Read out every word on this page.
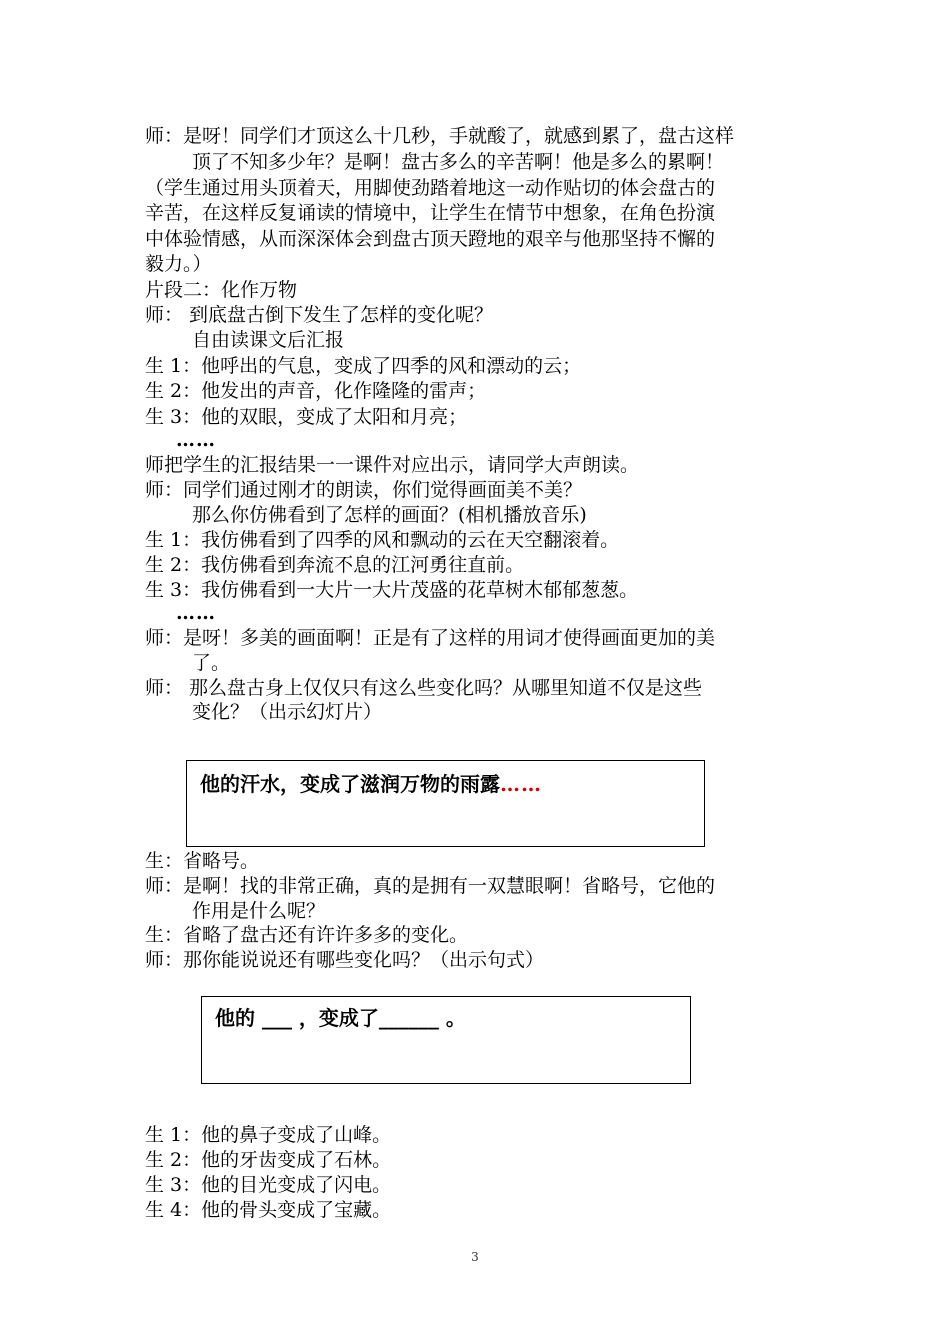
师：是呀！同学们才顶这么十几秒，手就酸了，就感到累了，盘古这样
顶了不知多少年？是啊！盘古多么的辛苦啊！他是多么的累啊！
（学生通过用头顶着天，用脚使劲踏着地这一动作贴切的体会盘古的
辛苦，在这样反复诵读的情境中，让学生在情节中想象，在角色扮演
中体验情感，从而深深体会到盘古顶天蹬地的艰辛与他那坚持不懈的
毅力。）
片段二：化作万物
师： 到底盘古倒下发生了怎样的变化呢？
自由读课文后汇报
生 1：他呼出的气息，变成了四季的风和漂动的云；
生 2：他发出的声音，化作隆隆的雷声；
生 3：他的双眼，变成了太阳和月亮；
……
师把学生的汇报结果一一课件对应出示，请同学大声朗读。
师：同学们通过刚才的朗读，你们觉得画面美不美？
那么你仿佛看到了怎样的画面？(相机播放音乐)
生 1：我仿佛看到了四季的风和飘动的云在天空翻滚着。
生 2：我仿佛看到奔流不息的江河勇往直前。
生 3：我仿佛看到一大片一大片茂盛的花草树木郁郁葱葱。
……
师：是呀！多美的画面啊！正是有了这样的用词才使得画面更加的美
了。
师： 那么盘古身上仅仅只有这么些变化吗？从哪里知道不仅是这些
变化？（出示幻灯片）
他的汗水，变成了滋润万物的雨露……
生：省略号。
师：是啊！找的非常正确，真的是拥有一双慧眼啊！省略号，它他的
作用是什么呢？
生：省略了盘古还有许许多多的变化。
师：那你能说说还有哪些变化吗？（出示句式）
他的 ___ ，变成了______ 。
生 1：他的鼻子变成了山峰。
生 2：他的牙齿变成了石林。
生 3：他的目光变成了闪电。
生 4：他的骨头变成了宝藏。
3
